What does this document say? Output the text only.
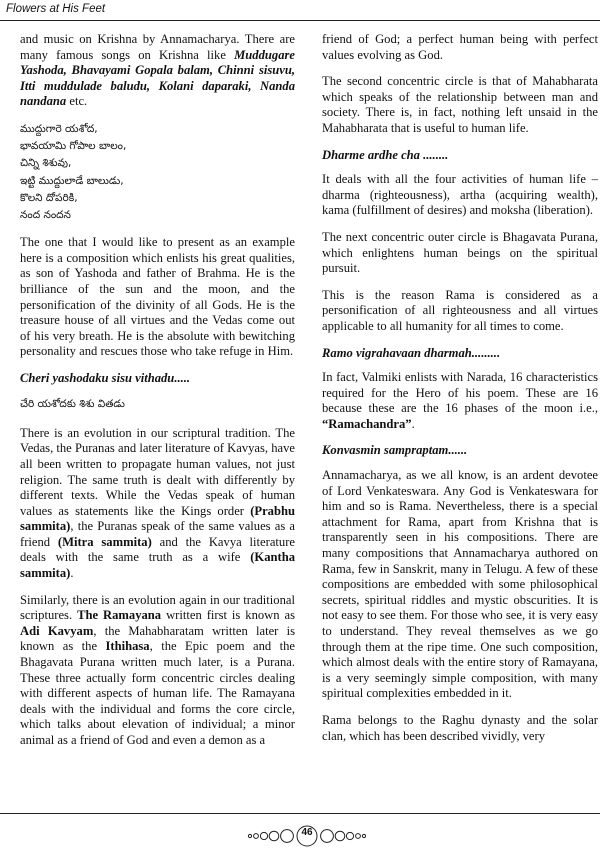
Flowers at His Feet

and music on Krishna by Annamacharya. There are many famous songs on Krishna like Muddugare Yashoda, Bhavayami Gopala balam, Chinni sisuvu, Itti muddulade baludu, Kolani daparaki, Nanda nandana etc.

ముద్దుగారె యశోద,
భావయామి గోపాల బాలం,
చిన్ని శిశువు,
ఇట్టి ముద్దులాడే బాలుడు,
కొలని దోపరికి,
నంద నందన

The one that I would like to present as an example here is a composition which enlists his great qualities, as son of Yashoda and father of Brahma. He is the brilliance of the sun and the moon, and the personification of the divinity of all Gods. He is the treasure house of all virtues and the Vedas come out of his very breath. He is the absolute with bewitching personality and rescues those who take refuge in Him.

Cheri yashodaku sisu vithadu.....
చేరి యశోదకు శిశు వితడు

There is an evolution in our scriptural tradition. The Vedas, the Puranas and later literature of Kavyas, have all been written to propagate human values, not just religion. The same truth is dealt with differently by different texts. While the Vedas speak of human values as statements like the Kings order (Prabhu sammita), the Puranas speak of the same values as a friend (Mitra sammita) and the Kavya literature deals with the same truth as a wife (Kantha sammita).

Similarly, there is an evolution again in our traditional scriptures. The Ramayana written first is known as Adi Kavyam, the Mahabharatam written later is known as the Ithihasa, the Epic poem and the Bhagavata Purana written much later, is a Purana. These three actually form concentric circles dealing with different aspects of human life. The Ramayana deals with the individual and forms the core circle, which talks about elevation of individual; a minor animal as a friend of God and even a demon as a

friend of God; a perfect human being with perfect values evolving as God.

The second concentric circle is that of Mahabharata which speaks of the relationship between man and society. There is, in fact, nothing left unsaid in the Mahabharata that is useful to human life.

Dharme ardhe cha ........

It deals with all the four activities of human life – dharma (righteousness), artha (acquiring wealth), kama (fulfillment of desires) and moksha (liberation).

The next concentric outer circle is Bhagavata Purana, which enlightens human beings on the spiritual pursuit.

This is the reason Rama is considered as a personification of all righteousness and all virtues applicable to all humanity for all times to come.

Ramo vigrahavaan dharmah.........

In fact, Valmiki enlists with Narada, 16 characteristics required for the Hero of his poem. These are 16 because these are the 16 phases of the moon i.e., “Ramachandra”.

Konvasmin sampraptam......

Annamacharya, as we all know, is an ardent devotee of Lord Venkateswara. Any God is Venkateswara for him and so is Rama. Nevertheless, there is a special attachment for Rama, apart from Krishna that is transparently seen in his compositions. There are many compositions that Annamacharya authored on Rama, few in Sanskrit, many in Telugu. A few of these compositions are embedded with some philosophical secrets, spiritual riddles and mystic obscurities. It is not easy to see them. For those who see, it is very easy to understand. They reveal themselves as we go through them at the ripe time. One such composition, which almost deals with the entire story of Ramayana, is a very seemingly simple composition, with many spiritual complexities embedded in it.

Rama belongs to the Raghu dynasty and the solar clan, which has been described vividly, very

46
